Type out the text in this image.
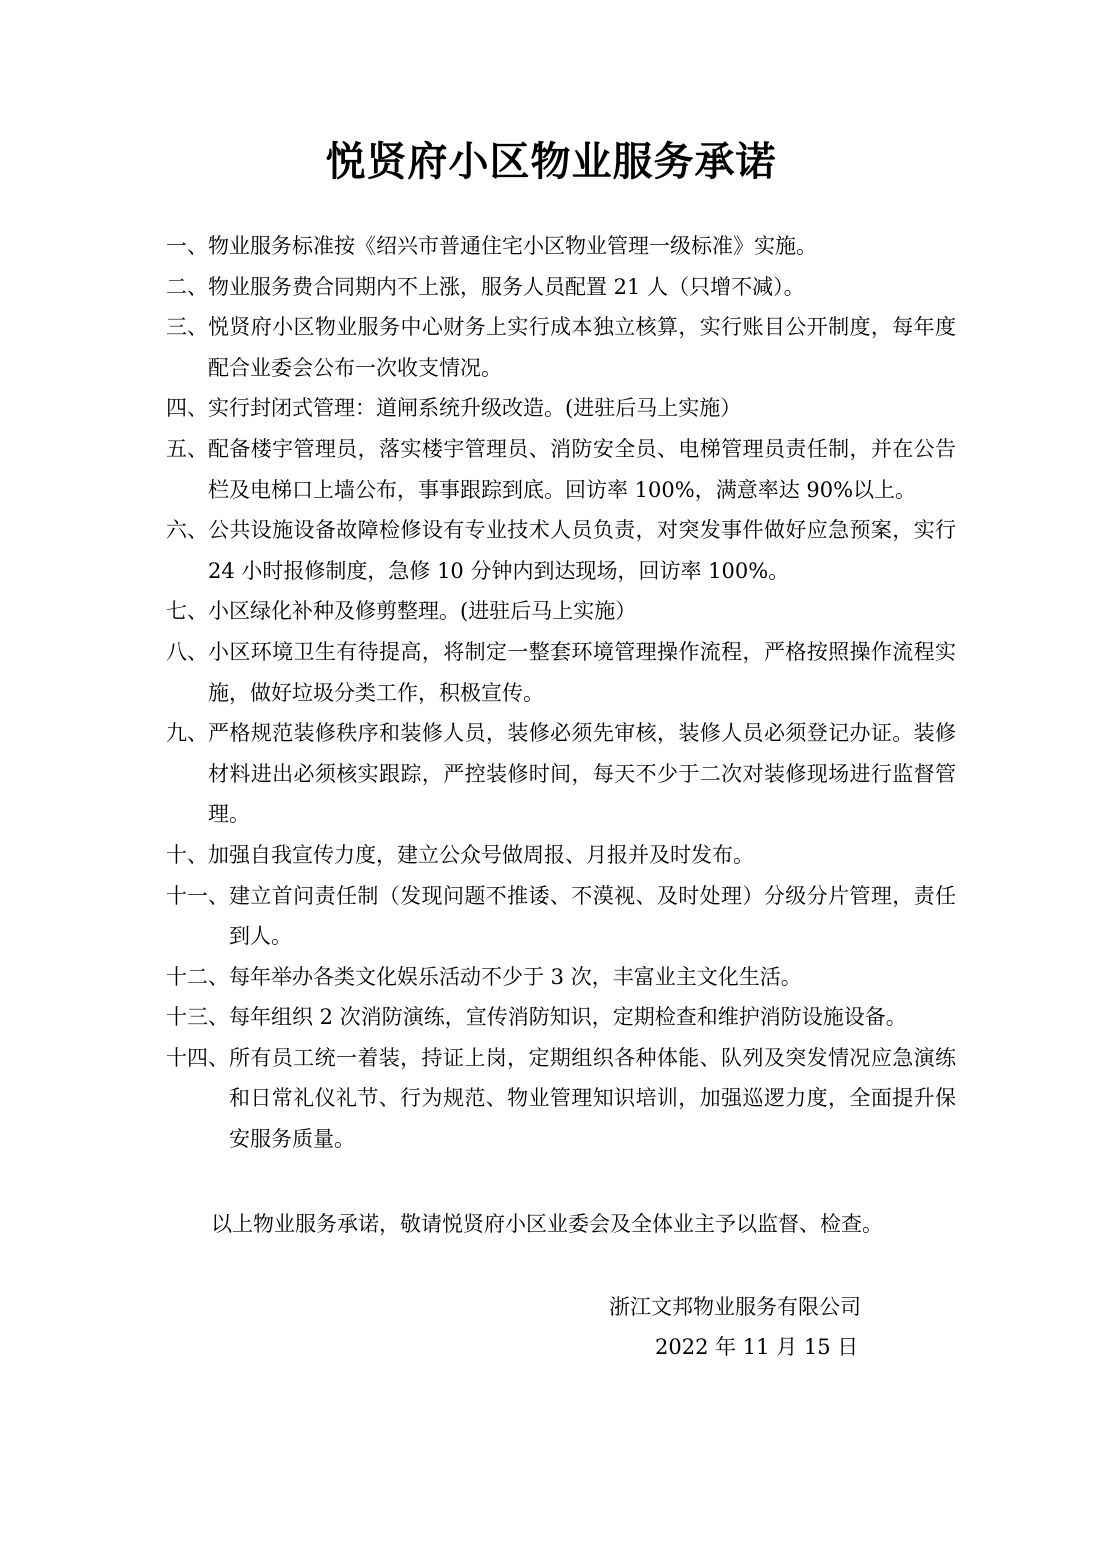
悦贤府小区物业服务承诺
一、 物业服务标准按《绍兴市普通住宅小区物业管理一级标准》实施。
二、 物业服务费合同期内不上涨，服务人员配置 21 人（只增不减）。
三、 悦贤府小区物业服务中心财务上实行成本独立核算，实行账目公开制度，每年度配合业委会公布一次收支情况。
四、 实行封闭式管理：道闸系统升级改造。(进驻后马上实施）
五、 配备楼宇管理员，落实楼宇管理员、消防安全员、电梯管理员责任制，并在公告栏及电梯口上墙公布，事事跟踪到底。回访率 100%，满意率达 90%以上。
六、 公共设施设备故障检修设有专业技术人员负责，对突发事件做好应急预案，实行 24 小时报修制度，急修 10 分钟内到达现场，回访率 100%。
七、 小区绿化补种及修剪整理。(进驻后马上实施）
八、 小区环境卫生有待提高，将制定一整套环境管理操作流程，严格按照操作流程实施，做好垃圾分类工作，积极宣传。
九、 严格规范装修秩序和装修人员，装修必须先审核，装修人员必须登记办证。装修材料进出必须核实跟踪，严控装修时间，每天不少于二次对装修现场进行监督管理。
十、 加强自我宣传力度，建立公众号做周报、月报并及时发布。
十一、 建立首问责任制（发现问题不推诿、不漠视、及时处理）分级分片管理，责任到人。
十二、 每年举办各类文化娱乐活动不少于 3 次，丰富业主文化生活。
十三、 每年组织 2 次消防演练，宣传消防知识，定期检查和维护消防设施设备。
十四、 所有员工统一着装，持证上岗，定期组织各种体能、队列及突发情况应急演练和日常礼仪礼节、行为规范、物业管理知识培训，加强巡逻力度，全面提升保安服务质量。
以上物业服务承诺，敬请悦贤府小区业委会及全体业主予以监督、检查。
浙江文邦物业服务有限公司
2022 年 11 月 15 日
